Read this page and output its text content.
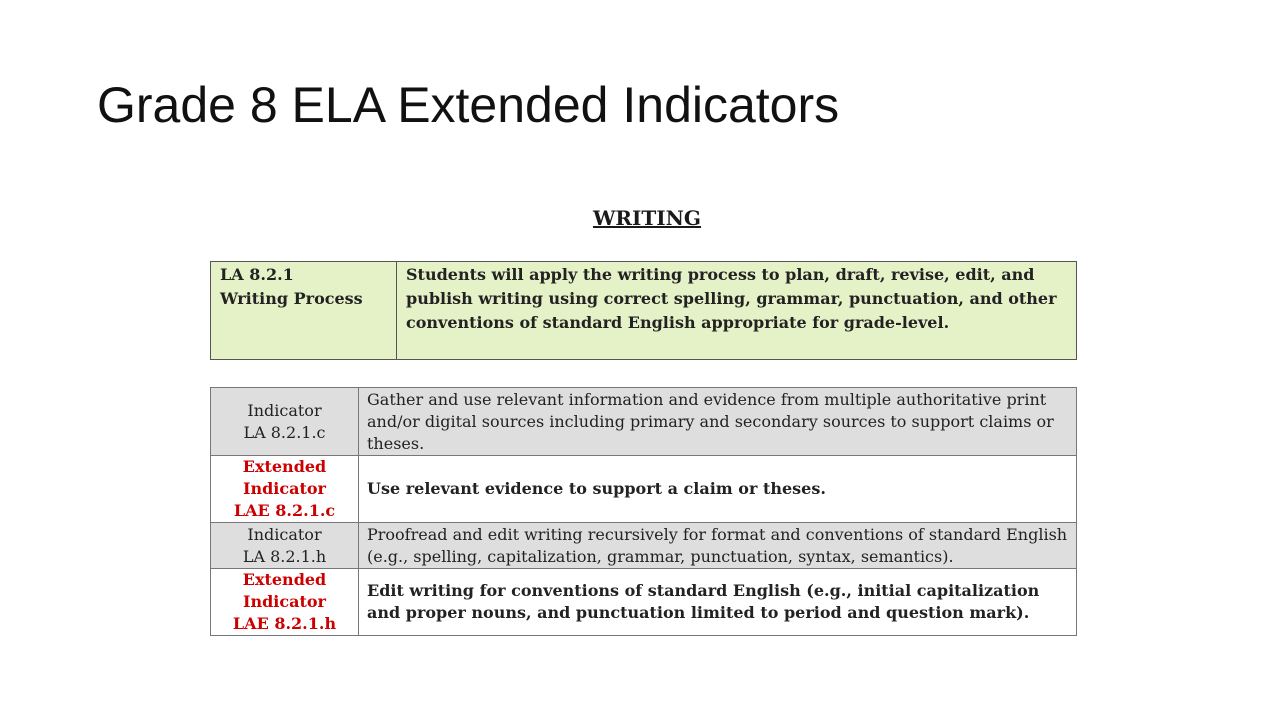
Grade 8 ELA Extended Indicators
WRITING
LA 8.2.1
Writing Process
	Students will apply the writing process to plan, draft, revise, edit, and publish writing using correct spelling, grammar, punctuation, and other conventions of standard English appropriate for grade-level.
Indicator
LA 8.2.1.c	Gather and use relevant information and evidence from multiple authoritative print and/or digital sources including primary and secondary sources to support claims or theses.

Extended
Indicator
LAE 8.2.1.c	Use relevant evidence to support a claim or theses.

Indicator
LA 8.2.1.h	Proofread and edit writing recursively for format and conventions of standard English (e.g., spelling, capitalization, grammar, punctuation, syntax, semantics).

Extended
Indicator
LAE 8.2.1.h	Edit writing for conventions of standard English (e.g., initial capitalization and proper nouns, and punctuation limited to period and question mark).
